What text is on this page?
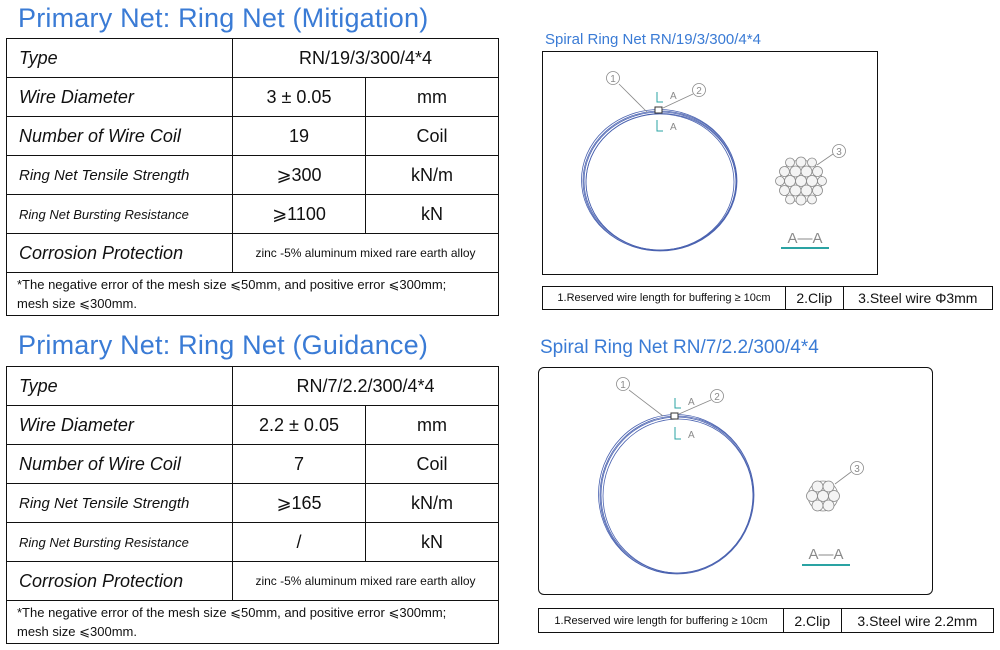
Primary Net: Ring Net (Mitigation)
Type	RN/19/3/300/4*4	
Wire Diameter	3 ± 0.05	mm
Number of Wire Coil	19	Coil
Ring Net Tensile Strength	⩾300	kN/m
Ring Net Bursting Resistance	⩾1100	kN
Corrosion Protection	zinc -5% aluminum mixed rare earth alloy	

*The negative error of the mesh size ⩽50mm, and positive error ⩽300mm;
mesh size ⩽300mm.		
Spiral Ring Net RN/19/3/300/4*4
1
2
A
A
3
A—A
1.Reserved wire length for buffering ≥ 10cm	2.Clip	3.Steel wire Φ3mm
Primary Net: Ring Net (Guidance)
Type	RN/7/2.2/300/4*4	
Wire Diameter	2.2 ± 0.05	mm
Number of Wire Coil	7	Coil
Ring Net Tensile Strength	⩾165	kN/m
Ring Net Bursting Resistance	/	kN
Corrosion Protection	zinc -5% aluminum mixed rare earth alloy	

*The negative error of the mesh size ⩽50mm, and positive error ⩽300mm;
mesh size ⩽300mm.		
Spiral Ring Net RN/7/2.2/300/4*4
1
2
A
A
3
A—A
1.Reserved wire length for buffering ≥ 10cm	2.Clip	3.Steel wire 2.2mm
